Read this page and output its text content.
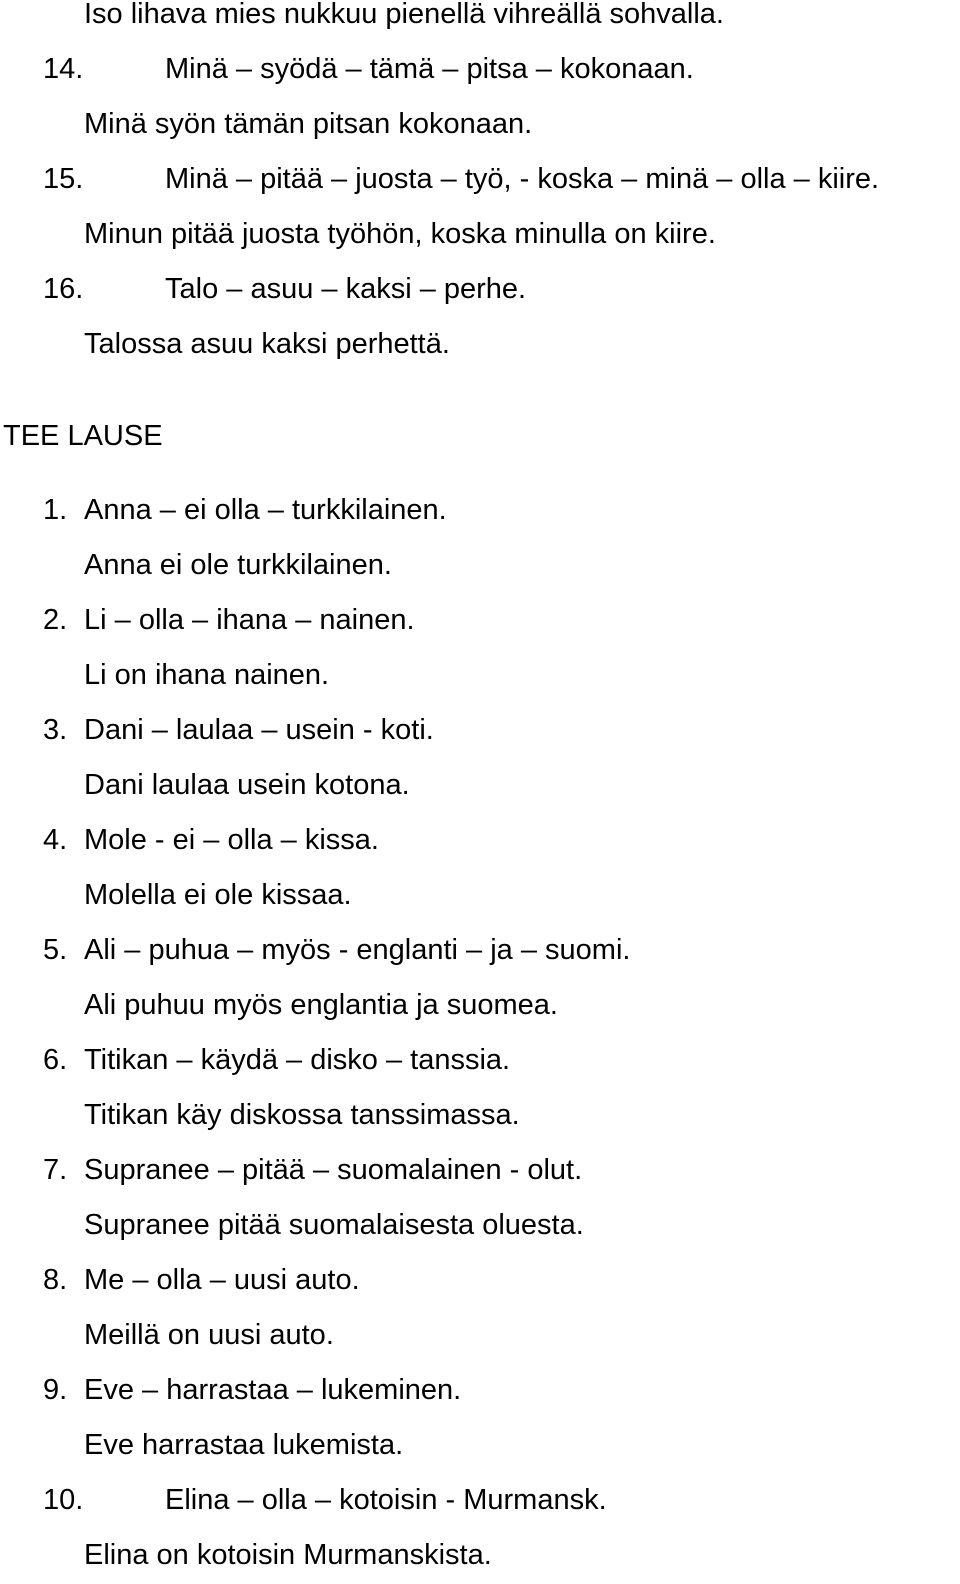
Iso lihava mies nukkuu pienellä vihreällä sohvalla.
14.	Minä – syödä – tämä – pitsa – kokonaan.
Minä syön tämän pitsan kokonaan.
15.	Minä – pitää – juosta – työ, - koska – minä – olla – kiire.
Minun pitää juosta työhön, koska minulla on kiire.
16.	Talo – asuu – kaksi – perhe.
Talossa asuu kaksi perhettä.
TEE LAUSE
1. Anna – ei olla – turkkilainen.
Anna ei ole turkkilainen.
2. Li – olla – ihana – nainen.
Li on ihana nainen.
3. Dani – laulaa – usein - koti.
Dani laulaa usein kotona.
4. Mole - ei – olla – kissa.
Molella ei ole kissaa.
5. Ali – puhua – myös - englanti – ja – suomi.
Ali puhuu myös englantia ja suomea.
6. Titikan – käydä – disko – tanssia.
Titikan käy diskossa tanssimassa.
7. Supranee – pitää – suomalainen - olut.
Supranee pitää suomalaisesta oluesta.
8. Me – olla – uusi auto.
Meillä on uusi auto.
9. Eve – harrastaa – lukeminen.
Eve harrastaa lukemista.
10.	Elina – olla – kotoisin - Murmansk.
Elina on kotoisin Murmanskista.
